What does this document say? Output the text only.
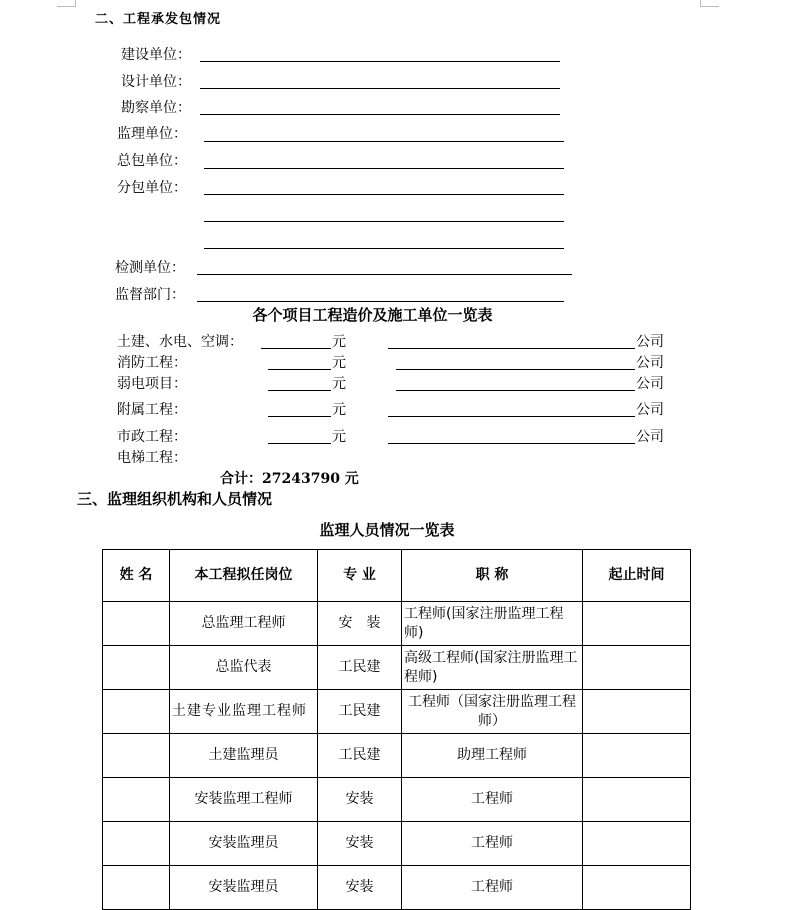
二、工程承发包情况
建设单位：
设计单位：
勘察单位：
监理单位：
总包单位：
分包单位：
检测单位：
监督部门：
各个项目工程造价及施工单位一览表
土建、水电、空调：	元	公司
消防工程：	元	公司
弱电项目：	元	公司
附属工程：	元	公司
市政工程：	元	公司
电梯工程：
合计：27243790 元
三、监理组织机构和人员情况
监理人员情况一览表
姓 名	本工程拟任岗位	专 业	职 称	起止时间
	总监理工程师	安　装	工程师(国家注册监理工程师)	
	总监代表	工民建	高级工程师(国家注册监理工程师)	
	土建专业监理工程师	工民建	工程师（国家注册监理工程师）	
	土建监理员	工民建	助理工程师	
	安装监理工程师	安装	工程师	
	安装监理员	安装	工程师	
	安装监理员	安装	工程师	
